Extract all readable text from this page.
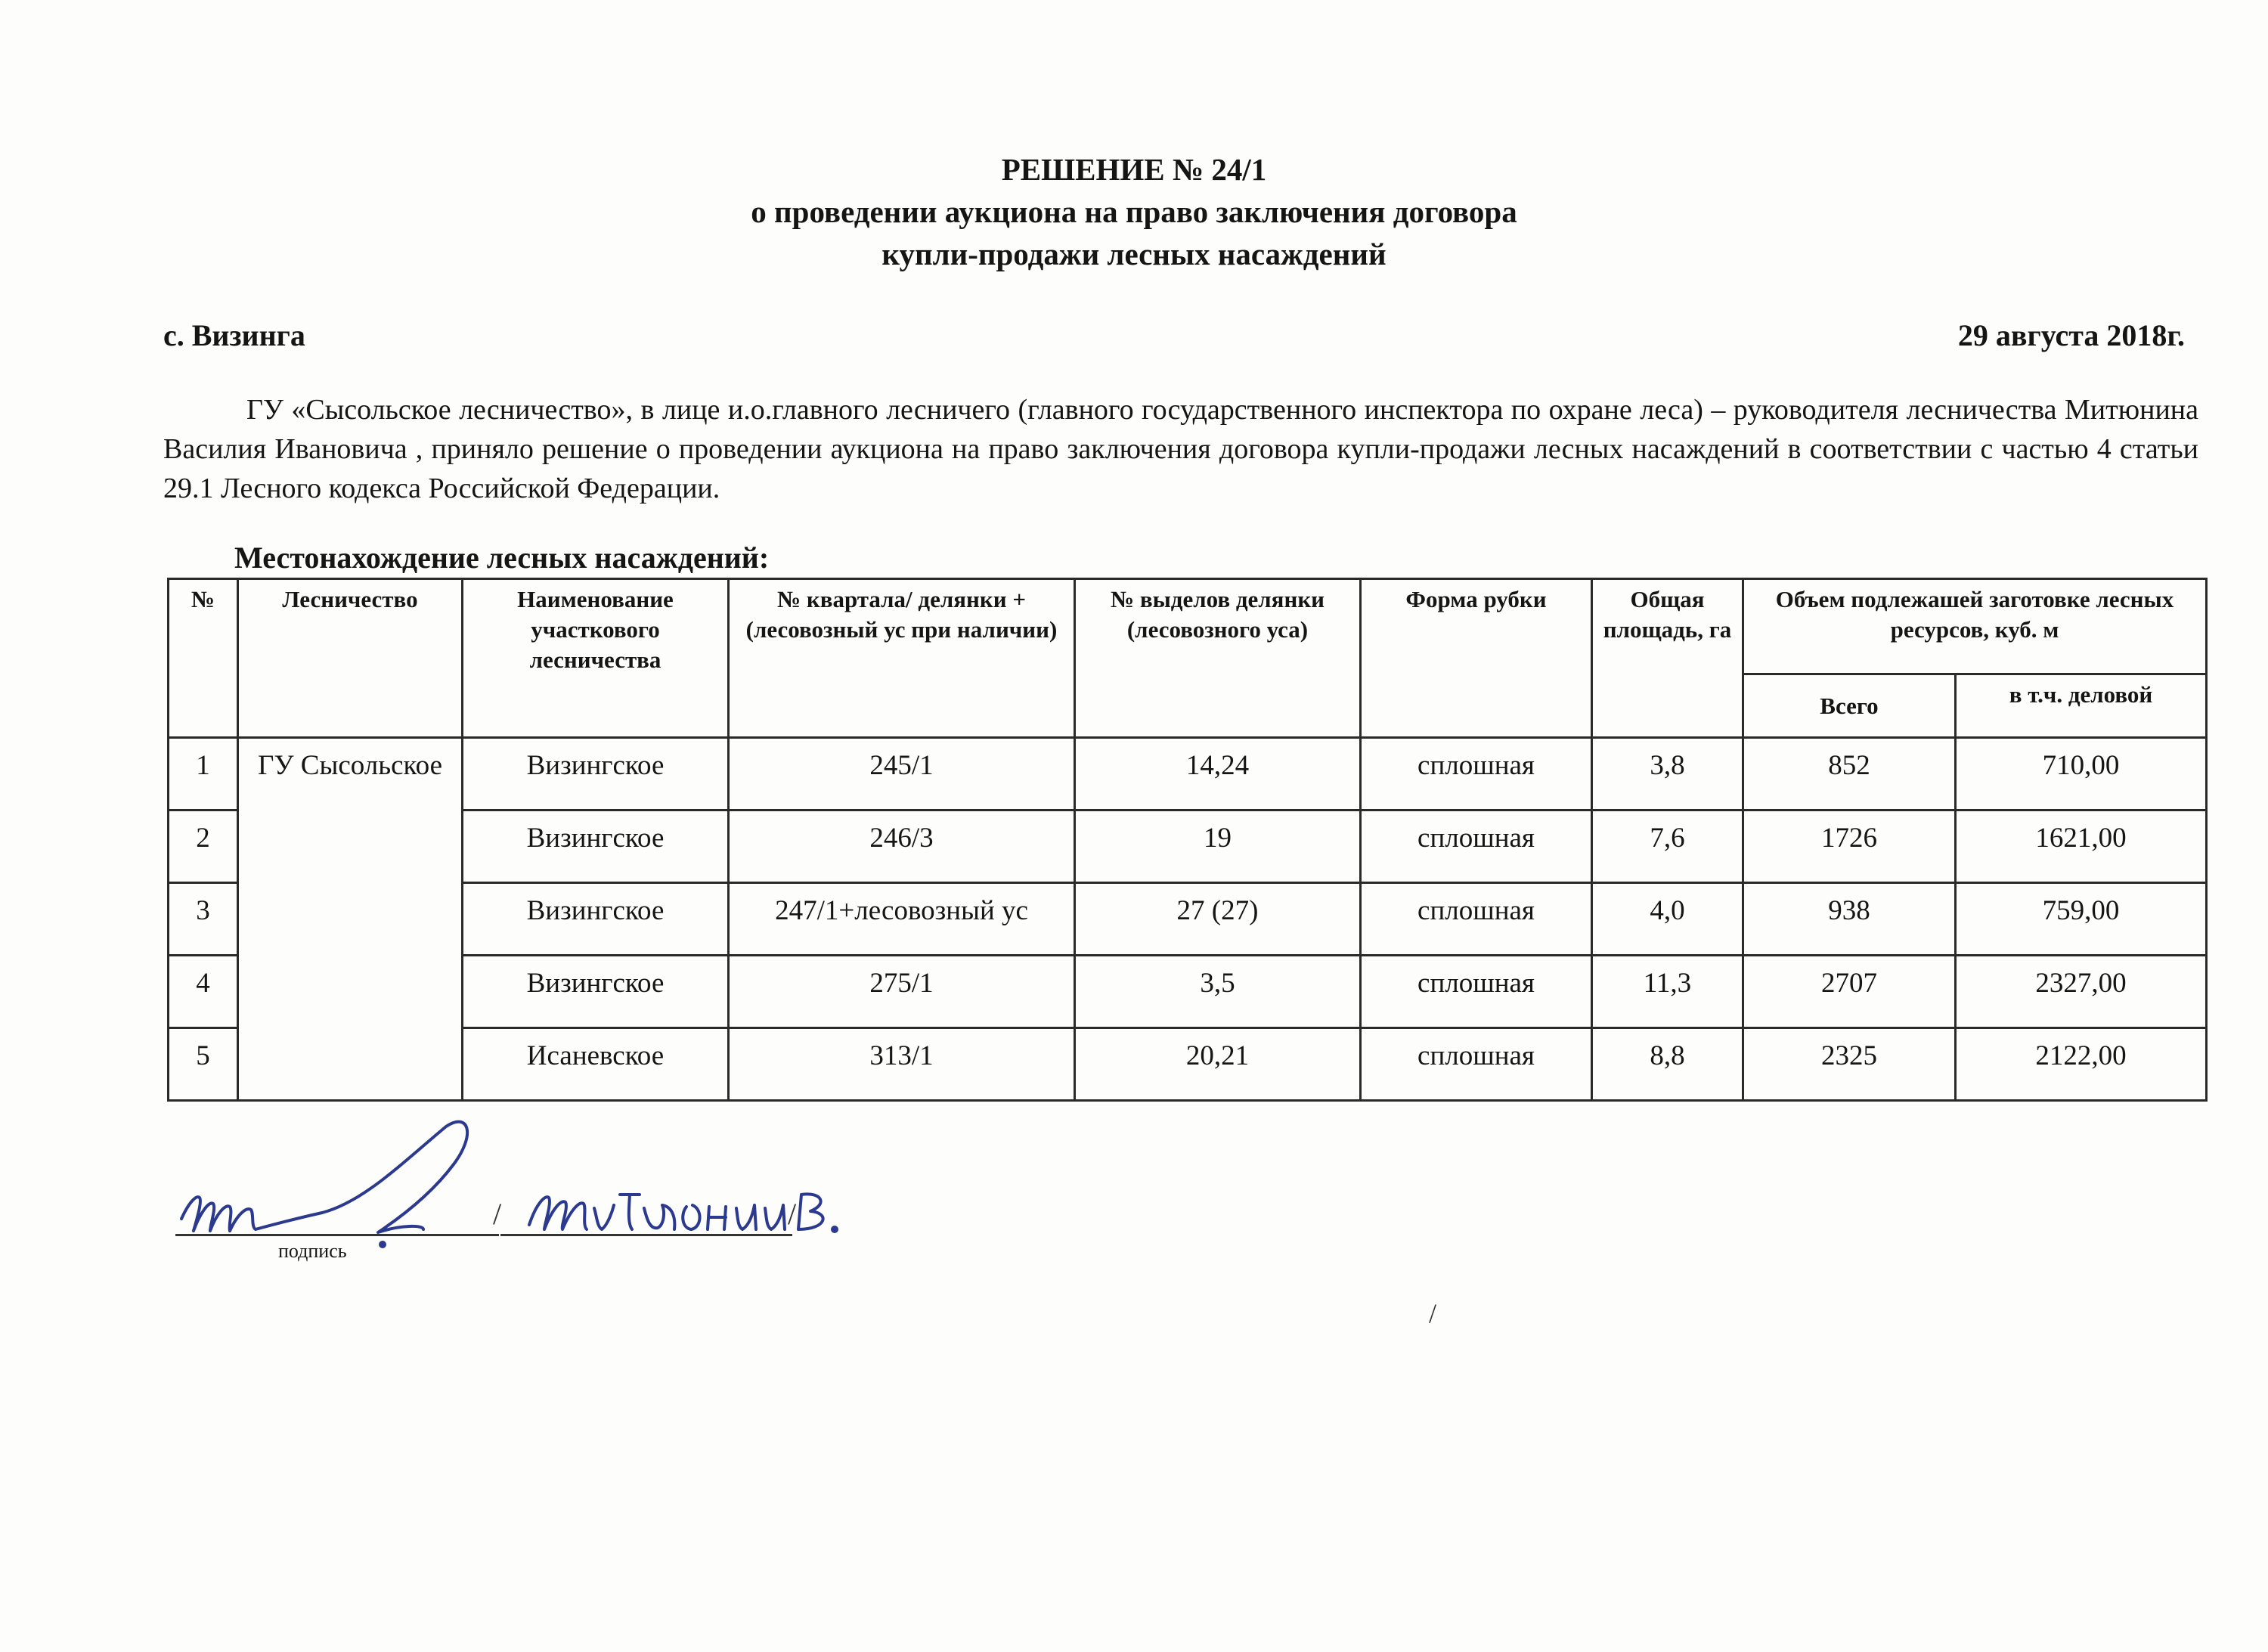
РЕШЕНИЕ № 24/1
о проведении аукциона на право заключения договора
купли-продажи лесных насаждений
с. Визинга	29 августа 2018г.
ГУ «Сысольское лесничество», в лице и.о.главного лесничего (главного государственного инспектора по охране леса) – руководителя лесничества Митюнина Василия Ивановича , приняло решение о проведении аукциона на право заключения договора купли-продажи лесных насаждений в соответствии с частью 4 статьи 29.1 Лесного кодекса Российской Федерации.
Местонахождение лесных насаждений:
№	Лесничество	Наименование участкового лесничества	№ квартала/ делянки + (лесовозный ус при наличии)	№ выделов делянки (лесовозного уса)	Форма рубки	Общая площадь, га	Объем подлежашей заготовке лесных ресурсов, куб. м	
							Всего	в т.ч. деловой
1	ГУ Сысольское	Визингское	245/1	14,24	сплошная	3,8	852	710,00
2		Визингское	246/3	19	сплошная	7,6	1726	1621,00
3		Визингское	247/1+лесовозный ус	27 (27)	сплошная	4,0	938	759,00
4		Визингское	275/1	3,5	сплошная	11,3	2707	2327,00
5		Исаневское	313/1	20,21	сплошная	8,8	2325	2122,00
/	/
подпись
/
